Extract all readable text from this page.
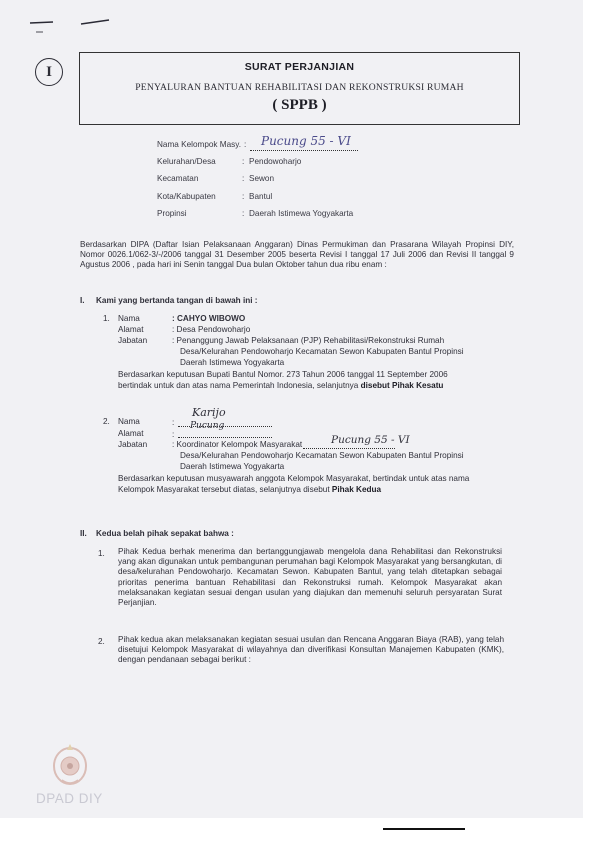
I	SURAT PERJANJIAN
PENYALURAN BANTUAN REHABILITASI DAN REKONSTRUKSI RUMAH
( SPPB )
Nama Kelompok Masy. : Pucung 55 - VI
Kelurahan/Desa	: Pendowoharjo
Kecamatan	: Sewon
Kota/Kabupaten	: Bantul
Propinsi	: Daerah Istimewa Yogyakarta
Berdasarkan DIPA (Daftar Isian Pelaksanaan Anggaran) Dinas Permukiman dan Prasarana Wilayah Propinsi DIY, Nomor 0026.1/062-3/-/2006 tanggal 31 Desember 2005 beserta Revisi I tanggal 17 Juli 2006 dan Revisi II tanggal 9 Agustus 2006 , pada hari ini Senin tanggal Dua bulan Oktober tahun dua ribu enam :
I. Kami yang bertanda tangan di bawah ini :
1. Nama	: CAHYO WIBOWO
Alamat	: Desa Pendowoharjo
Jabatan	: Penanggung Jawab Pelaksanaan (PJP) Rehabilitasi/Rekonstruksi Rumah
Desa/Kelurahan Pendowoharjo Kecamatan Sewon Kabupaten Bantul Propinsi
Daerah Istimewa Yogyakarta
Berdasarkan keputusan Bupati Bantul Nomor. 273 Tahun 2006 tanggal 11 September 2006
bertindak untuk dan atas nama Pemerintah Indonesia, selanjutnya disebut Pihak Kesatu
2. Nama	:
Karijo
Alamat	:
Pucung
Jabatan	: Koordinator Kelompok Masyarakat	Pucung 55 - VI
Desa/Kelurahan Pendowoharjo Kecamatan Sewon Kabupaten Bantul Propinsi
Daerah Istimewa Yogyakarta
Berdasarkan keputusan musyawarah anggota Kelompok Masyarakat, bertindak untuk atas nama
Kelompok Masyarakat tersebut diatas, selanjutnya disebut Pihak Kedua
II. Kedua belah pihak sepakat bahwa :
1. Pihak Kedua berhak menerima dan bertanggungjawab mengelola dana Rehabilitasi dan Rekonstruksi yang akan digunakan untuk pembangunan perumahan bagi Kelompok Masyarakat yang bersangkutan, di desa/kelurahan Pendowoharjo. Kecamatan Sewon. Kabupaten Bantul, yang telah ditetapkan sebagai prioritas penerima bantuan Rehabilitasi dan Rekonstruksi rumah. Kelompok Masyarakat akan melaksanakan kegiatan sesuai dengan usulan yang diajukan dan memenuhi seluruh persyaratan Surat Perjanjian.
2. Pihak kedua akan melaksanakan kegiatan sesuai usulan dan Rencana Anggaran Biaya (RAB), yang telah disetujui Kelompok Masyarakat di wilayahnya dan diverifikasi Konsultan Manajemen Kabupaten (KMK), dengan pendanaan sebagai berikut :
DPAD DIY
